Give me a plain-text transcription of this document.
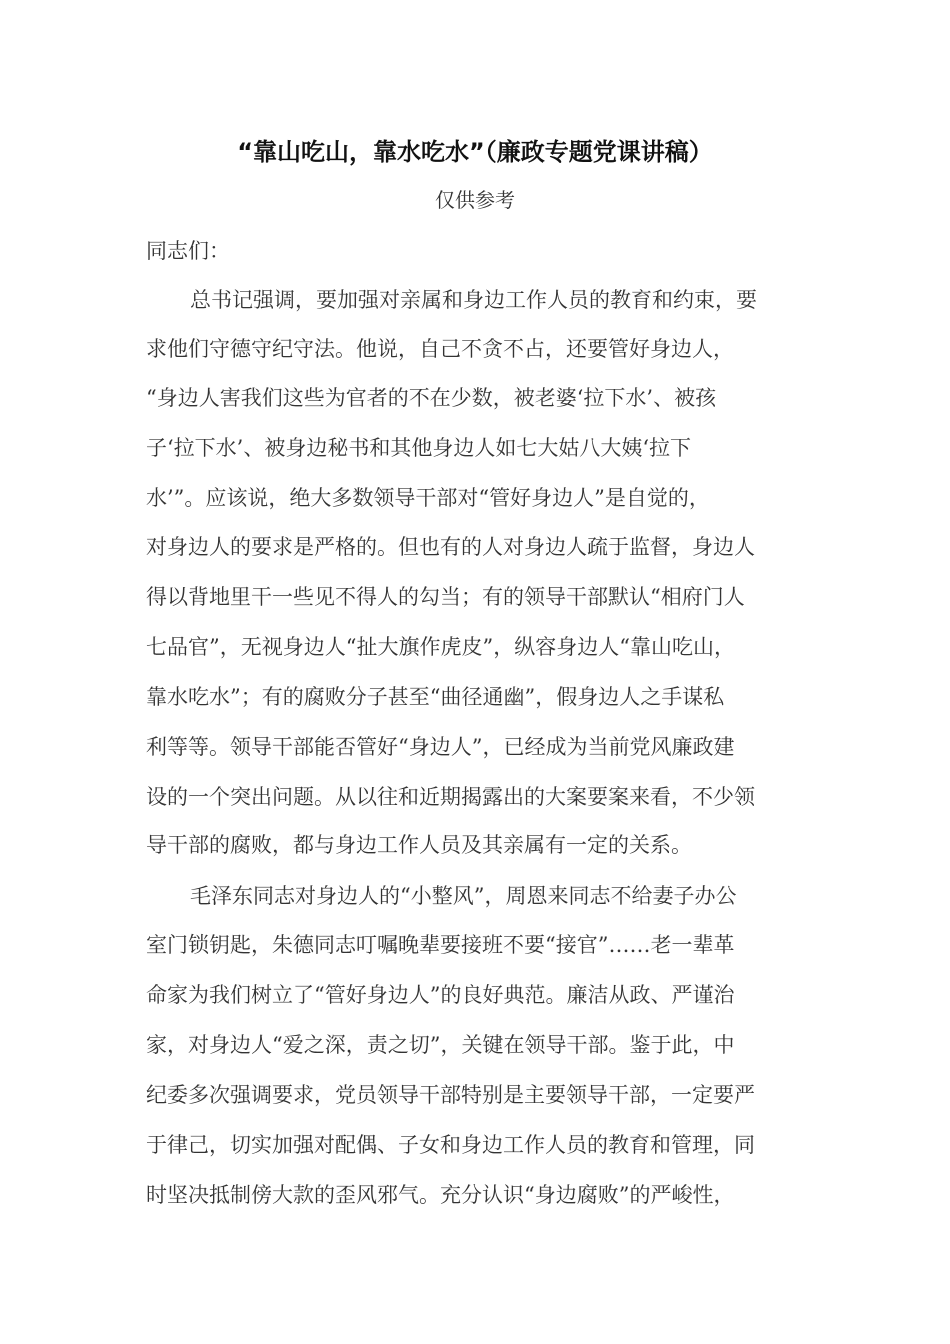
“靠山吃山，靠水吃水”（廉政专题党课讲稿）
仅供参考
同志们：
总书记强调，要加强对亲属和身边工作人员的教育和约束，要
求他们守德守纪守法。他说，自己不贪不占，还要管好身边人，
“身边人害我们这些为官者的不在少数，被老婆‘拉下水’、被孩
子‘拉下水’、被身边秘书和其他身边人如七大姑八大姨‘拉下
水’”。应该说，绝大多数领导干部对“管好身边人”是自觉的，
对身边人的要求是严格的。但也有的人对身边人疏于监督，身边人
得以背地里干一些见不得人的勾当；有的领导干部默认“相府门人
七品官”，无视身边人“扯大旗作虎皮”，纵容身边人“靠山吃山，
靠水吃水”；有的腐败分子甚至“曲径通幽”，假身边人之手谋私
利等等。领导干部能否管好“身边人”，已经成为当前党风廉政建
设的一个突出问题。从以往和近期揭露出的大案要案来看，不少领
导干部的腐败，都与身边工作人员及其亲属有一定的关系。
毛泽东同志对身边人的“小整风”，周恩来同志不给妻子办公
室门锁钥匙，朱德同志叮嘱晚辈要接班不要“接官”……老一辈革
命家为我们树立了“管好身边人”的良好典范。廉洁从政、严谨治
家，对身边人“爱之深，责之切”，关键在领导干部。鉴于此，中
纪委多次强调要求，党员领导干部特别是主要领导干部，一定要严
于律己，切实加强对配偶、子女和身边工作人员的教育和管理，同
时坚决抵制傍大款的歪风邪气。充分认识“身边腐败”的严峻性，
